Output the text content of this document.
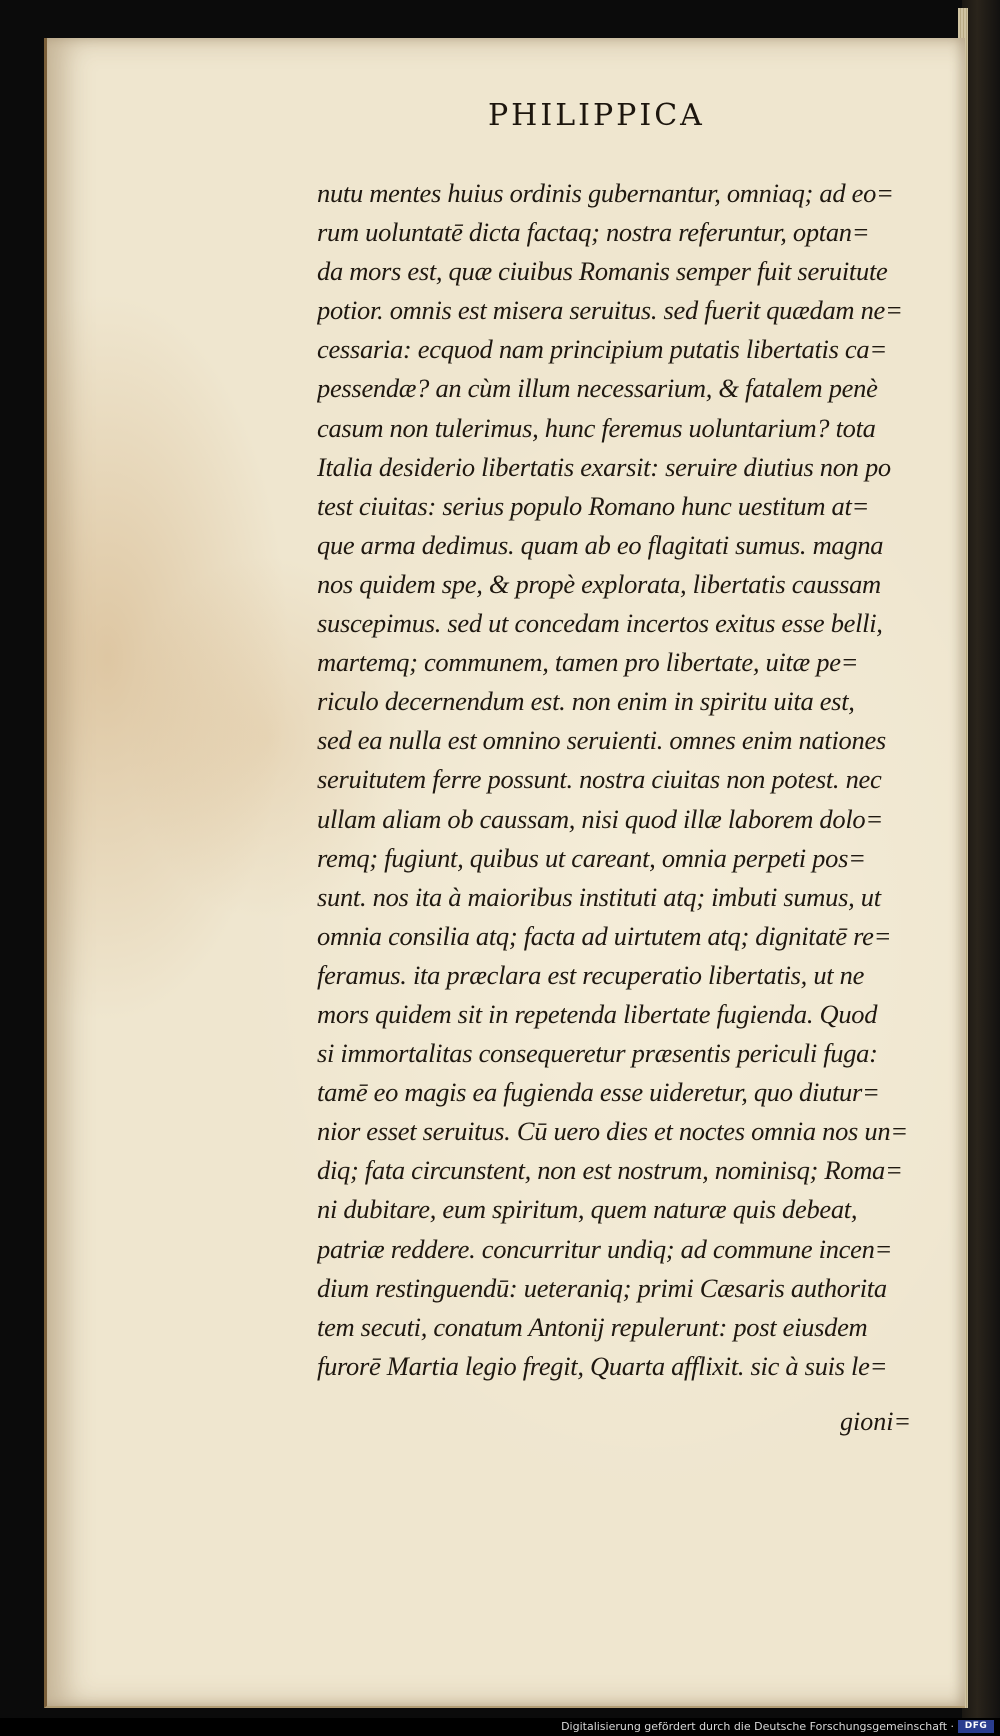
PHILIPPICA
nutu mentes huius ordinis gubernantur, omniaq; ad eo=
rum uoluntatē dicta factaq; nostra referuntur, optan=
da mors est, quæ ciuibus Romanis semper fuit seruitute
potior. omnis est misera seruitus. sed fuerit quædam ne=
cessaria: ecquod nam principium putatis libertatis ca=
pessendæ? an cùm illum necessarium, & fatalem penè
casum non tulerimus, hunc feremus uoluntarium? tota
Italia desiderio libertatis exarsit: seruire diutius non po
test ciuitas: serius populo Romano hunc uestitum at=
que arma dedimus. quam ab eo flagitati sumus. magna
nos quidem spe, & propè explorata, libertatis caussam
suscepimus. sed ut concedam incertos exitus esse belli,
martemq; communem, tamen pro libertate, uitæ pe=
riculo decernendum est. non enim in spiritu uita est,
sed ea nulla est omnino seruienti. omnes enim nationes
seruitutem ferre possunt. nostra ciuitas non potest. nec
ullam aliam ob caussam, nisi quod illæ laborem dolo=
remq; fugiunt, quibus ut careant, omnia perpeti pos=
sunt. nos ita à maioribus instituti atq; imbuti sumus, ut
omnia consilia atq; facta ad uirtutem atq; dignitatē re=
feramus. ita præclara est recuperatio libertatis, ut ne
mors quidem sit in repetenda libertate fugienda. Quod
si immortalitas consequeretur præsentis periculi fuga:
tamē eo magis ea fugienda esse uideretur, quo diutur=
nior esset seruitus. Cū uero dies et noctes omnia nos un=
diq; fata circunstent, non est nostrum, nominisq; Roma=
ni dubitare, eum spiritum, quem naturæ quis debeat,
patriæ reddere. concurritur undiq; ad commune incen=
dium restinguendū: ueteraniq; primi Cæsaris authorita
tem secuti, conatum Antonij repulerunt: post eiusdem
furorē Martia legio fregit, Quarta afflixit. sic à suis le=
gioni=
Digitalisierung gefördert durch die Deutsche Forschungsgemeinschaft ·	DFG
